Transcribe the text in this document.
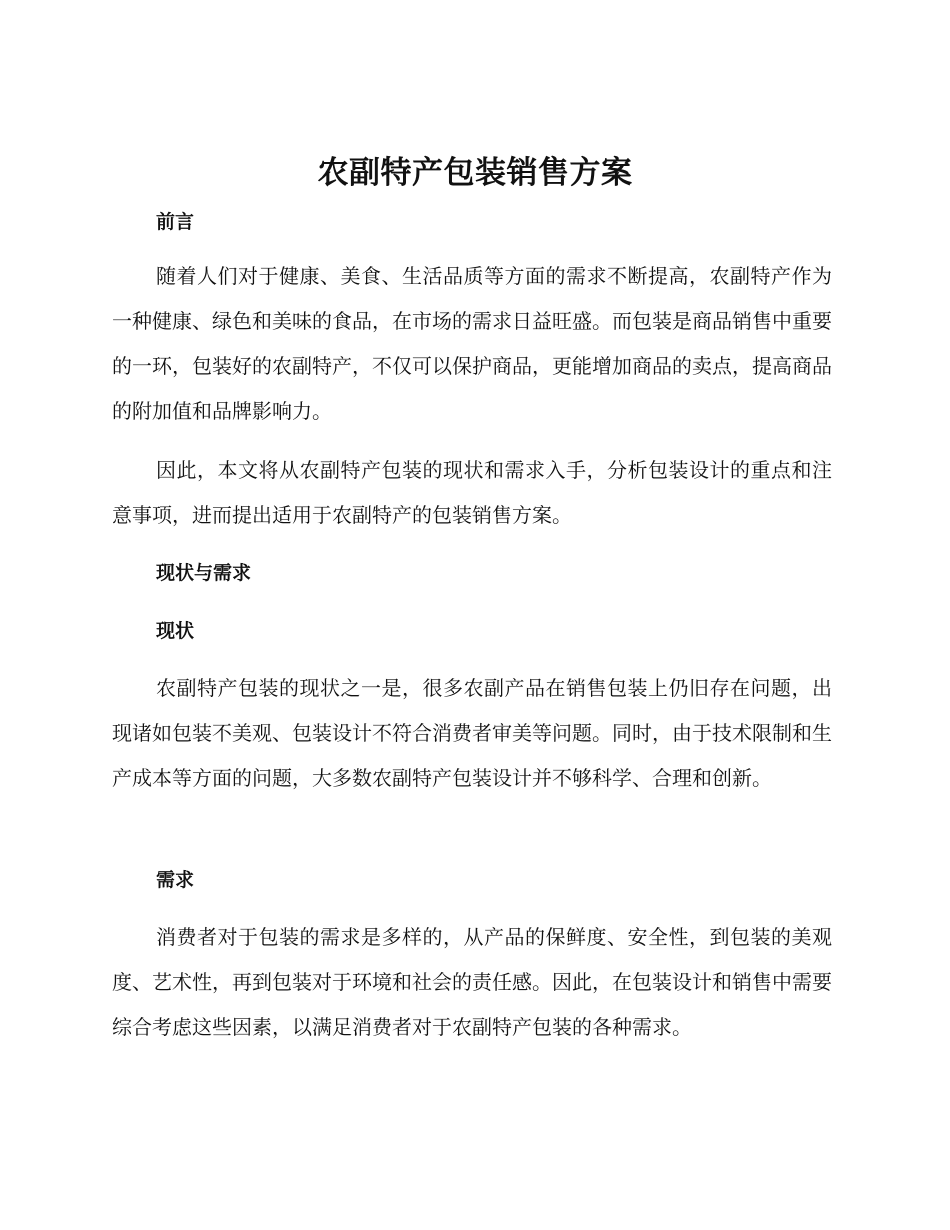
农副特产包装销售方案
前言

随着人们对于健康、美食、生活品质等方面的需求不断提高，农副特产作为一种健康、绿色和美味的食品，在市场的需求日益旺盛。而包装是商品销售中重要的一环，包装好的农副特产，不仅可以保护商品，更能增加商品的卖点，提高商品的附加值和品牌影响力。

因此，本文将从农副特产包装的现状和需求入手，分析包装设计的重点和注意事项，进而提出适用于农副特产的包装销售方案。

现状与需求
现状

农副特产包装的现状之一是，很多农副产品在销售包装上仍旧存在问题，出现诸如包装不美观、包装设计不符合消费者审美等问题。同时，由于技术限制和生产成本等方面的问题，大多数农副特产包装设计并不够科学、合理和创新。

需求

消费者对于包装的需求是多样的，从产品的保鲜度、安全性，到包装的美观度、艺术性，再到包装对于环境和社会的责任感。因此，在包装设计和销售中需要综合考虑这些因素，以满足消费者对于农副特产包装的各种需求。
